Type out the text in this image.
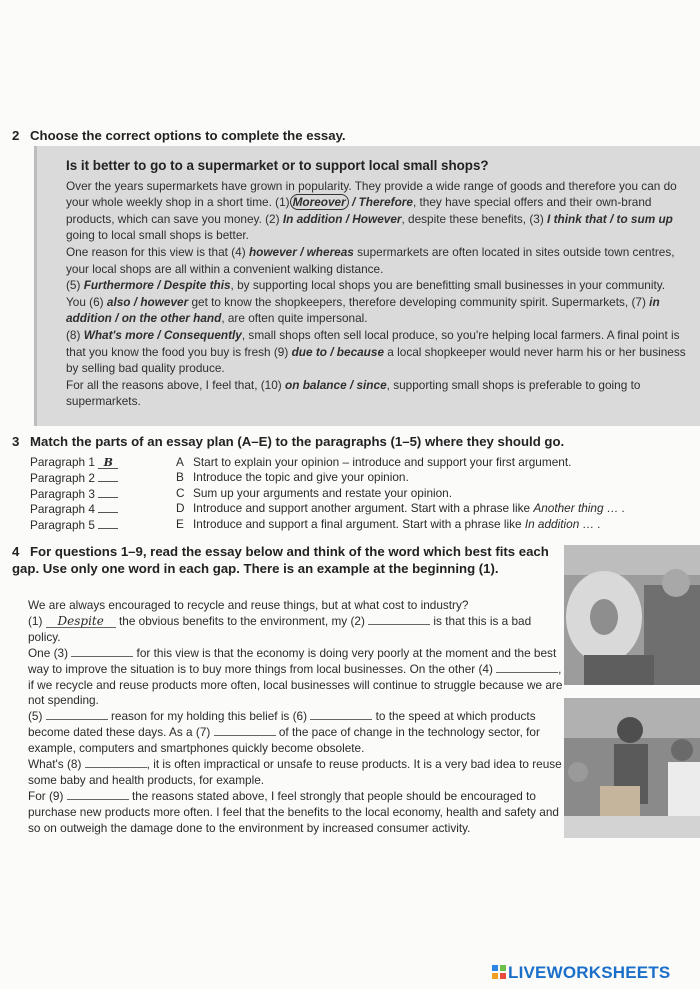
2 Choose the correct options to complete the essay.
Is it better to go to a supermarket or to support local small shops?

Over the years supermarkets have grown in popularity. They provide a wide range of goods and therefore you can do your whole weekly shop in a short time. (1) Moreover / Therefore, they have special offers and their own-brand products, which can save you money. (2) In addition / However, despite these benefits, (3) I think that / to sum up going to local small shops is better.

One reason for this view is that (4) however / whereas supermarkets are often located in sites outside town centres, your local shops are all within a convenient walking distance.

(5) Furthermore / Despite this, by supporting local shops you are benefitting small businesses in your community. You (6) also / however get to know the shopkeepers, therefore developing community spirit. Supermarkets, (7) in addition / on the other hand, are often quite impersonal.

(8) What's more / Consequently, small shops often sell local produce, so you're helping local farmers. A final point is that you know the food you buy is fresh (9) due to / because a local shopkeeper would never harm his or her business by selling bad quality produce.

For all the reasons above, I feel that, (10) on balance / since, supporting small shops is preferable to going to supermarkets.

3 Match the parts of an essay plan (A–E) to the paragraphs (1–5) where they should go.
Paragraph 1 B	A Start to explain your opinion – introduce and support your first argument.
Paragraph 2	B Introduce the topic and give your opinion.
Paragraph 3	C Sum up your arguments and restate your opinion.
Paragraph 4	D Introduce and support another argument. Start with a phrase like Another thing … .
Paragraph 5	E Introduce and support a final argument. Start with a phrase like In addition … .
4 For questions 1–9, read the essay below and think of the word which best fits each gap. Use only one word in each gap. There is an example at the beginning (1).

We are always encouraged to recycle and reuse things, but at what cost to industry?

(1) Despite the obvious benefits to the environment, my (2)	is that this is a bad policy.

One (3)	for this view is that the economy is doing very poorly at the moment and the best way to improve the situation is to buy more things from local businesses. On the other (4)	, if we recycle and reuse products more often, local businesses will continue to struggle because we are not spending.

(5)	reason for my holding this belief is (6)	to the speed at which products become dated these days. As a (7)	of the pace of change in the technology sector, for example, computers and smartphones quickly become obsolete.

What's (8)	, it is often impractical or unsafe to reuse products. It is a very bad idea to reuse some baby and health products, for example.

For (9)	the reasons stated above, I feel strongly that people should be encouraged to purchase new products more often. I feel that the benefits to the local economy, health and safety and so on outweigh the damage done to the environment by increased consumer activity.

LIVEWORKSHEETS
